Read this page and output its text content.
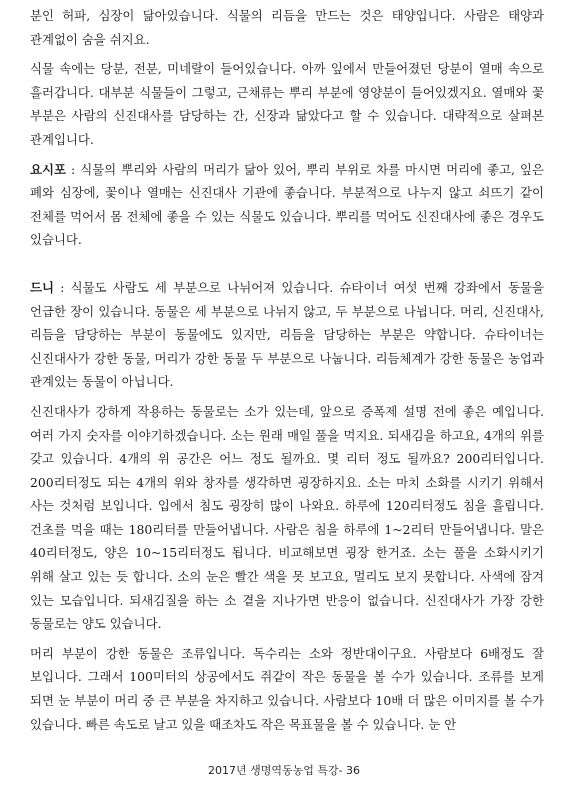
분인 허파, 심장이 닮아있습니다. 식물의 리듬을 만드는 것은 태양입니다. 사람은 태양과 관계없이 숨을 쉬지요.

식물 속에는 당분, 전분, 미네랄이 들어있습니다. 아까 잎에서 만들어졌던 당분이 열매 속으로 흘러갑니다. 대부분 식물들이 그렇고, 근채류는 뿌리 부분에 영양분이 들어있겠지요. 열매와 꽃 부분은 사람의 신진대사를 담당하는 간, 신장과 닮았다고 할 수 있습니다. 대략적으로 살펴본 관계입니다.

요시포 : 식물의 뿌리와 사람의 머리가 닮아 있어, 뿌리 부위로 차를 마시면 머리에 좋고, 잎은 폐와 심장에, 꽃이나 열매는 신진대사 기관에 좋습니다. 부분적으로 나누지 않고 쇠뜨기 같이 전체를 먹어서 몸 전체에 좋을 수 있는 식물도 있습니다. 뿌리를 먹어도 신진대사에 좋은 경우도 있습니다.

드니 : 식물도 사람도 세 부분으로 나뉘어져 있습니다. 슈타이너 여섯 번째 강좌에서 동물을 언급한 장이 있습니다. 동물은 세 부분으로 나뉘지 않고, 두 부분으로 나뉩니다. 머리, 신진대사, 리듬을 담당하는 부분이 동물에도 있지만, 리듬을 담당하는 부분은 약합니다. 슈타이너는 신진대사가 강한 동물, 머리가 강한 동물 두 부분으로 나눕니다. 리듬체계가 강한 동물은 농업과 관계있는 동물이 아닙니다.

신진대사가 강하게 작용하는 동물로는 소가 있는데, 앞으로 증폭제 설명 전에 좋은 예입니다. 여러 가지 숫자를 이야기하겠습니다. 소는 원래 매일 풀을 먹지요. 되새김을 하고요, 4개의 위를 갖고 있습니다. 4개의 위 공간은 어느 정도 될까요. 몇 리터 정도 될까요? 200리터입니다. 200리터정도 되는 4개의 위와 창자를 생각하면 굉장하지요. 소는 마치 소화를 시키기 위해서 사는 것처럼 보입니다. 입에서 침도 굉장히 많이 나와요. 하루에 120리터정도 침을 흘립니다. 건초를 먹을 때는 180리터를 만들어냅니다. 사람은 침을 하루에 1~2리터 만들어냅니다. 말은 40리터정도, 양은 10~15리터정도 됩니다. 비교해보면 굉장 한거죠. 소는 풀을 소화시키기 위해 살고 있는 듯 합니다. 소의 눈은 빨간 색을 못 보고요, 멀리도 보지 못합니다. 사색에 잠겨 있는 모습입니다. 되새김질을 하는 소 곁을 지나가면 반응이 없습니다. 신진대사가 가장 강한 동물로는 양도 있습니다.

머리 부분이 강한 동물은 조류입니다. 독수리는 소와 정반대이구요. 사람보다 6배정도 잘 보입니다. 그래서 100미터의 상공에서도 쥐같이 작은 동물을 볼 수가 있습니다. 조류를 보게 되면 눈 부분이 머리 중 큰 부분을 차지하고 있습니다. 사람보다 10배 더 많은 이미지를 볼 수가 있습니다. 빠른 속도로 날고 있을 때조차도 작은 목표물을 볼 수 있습니다. 눈 안

2017년 생명역동농업 특강- 36
